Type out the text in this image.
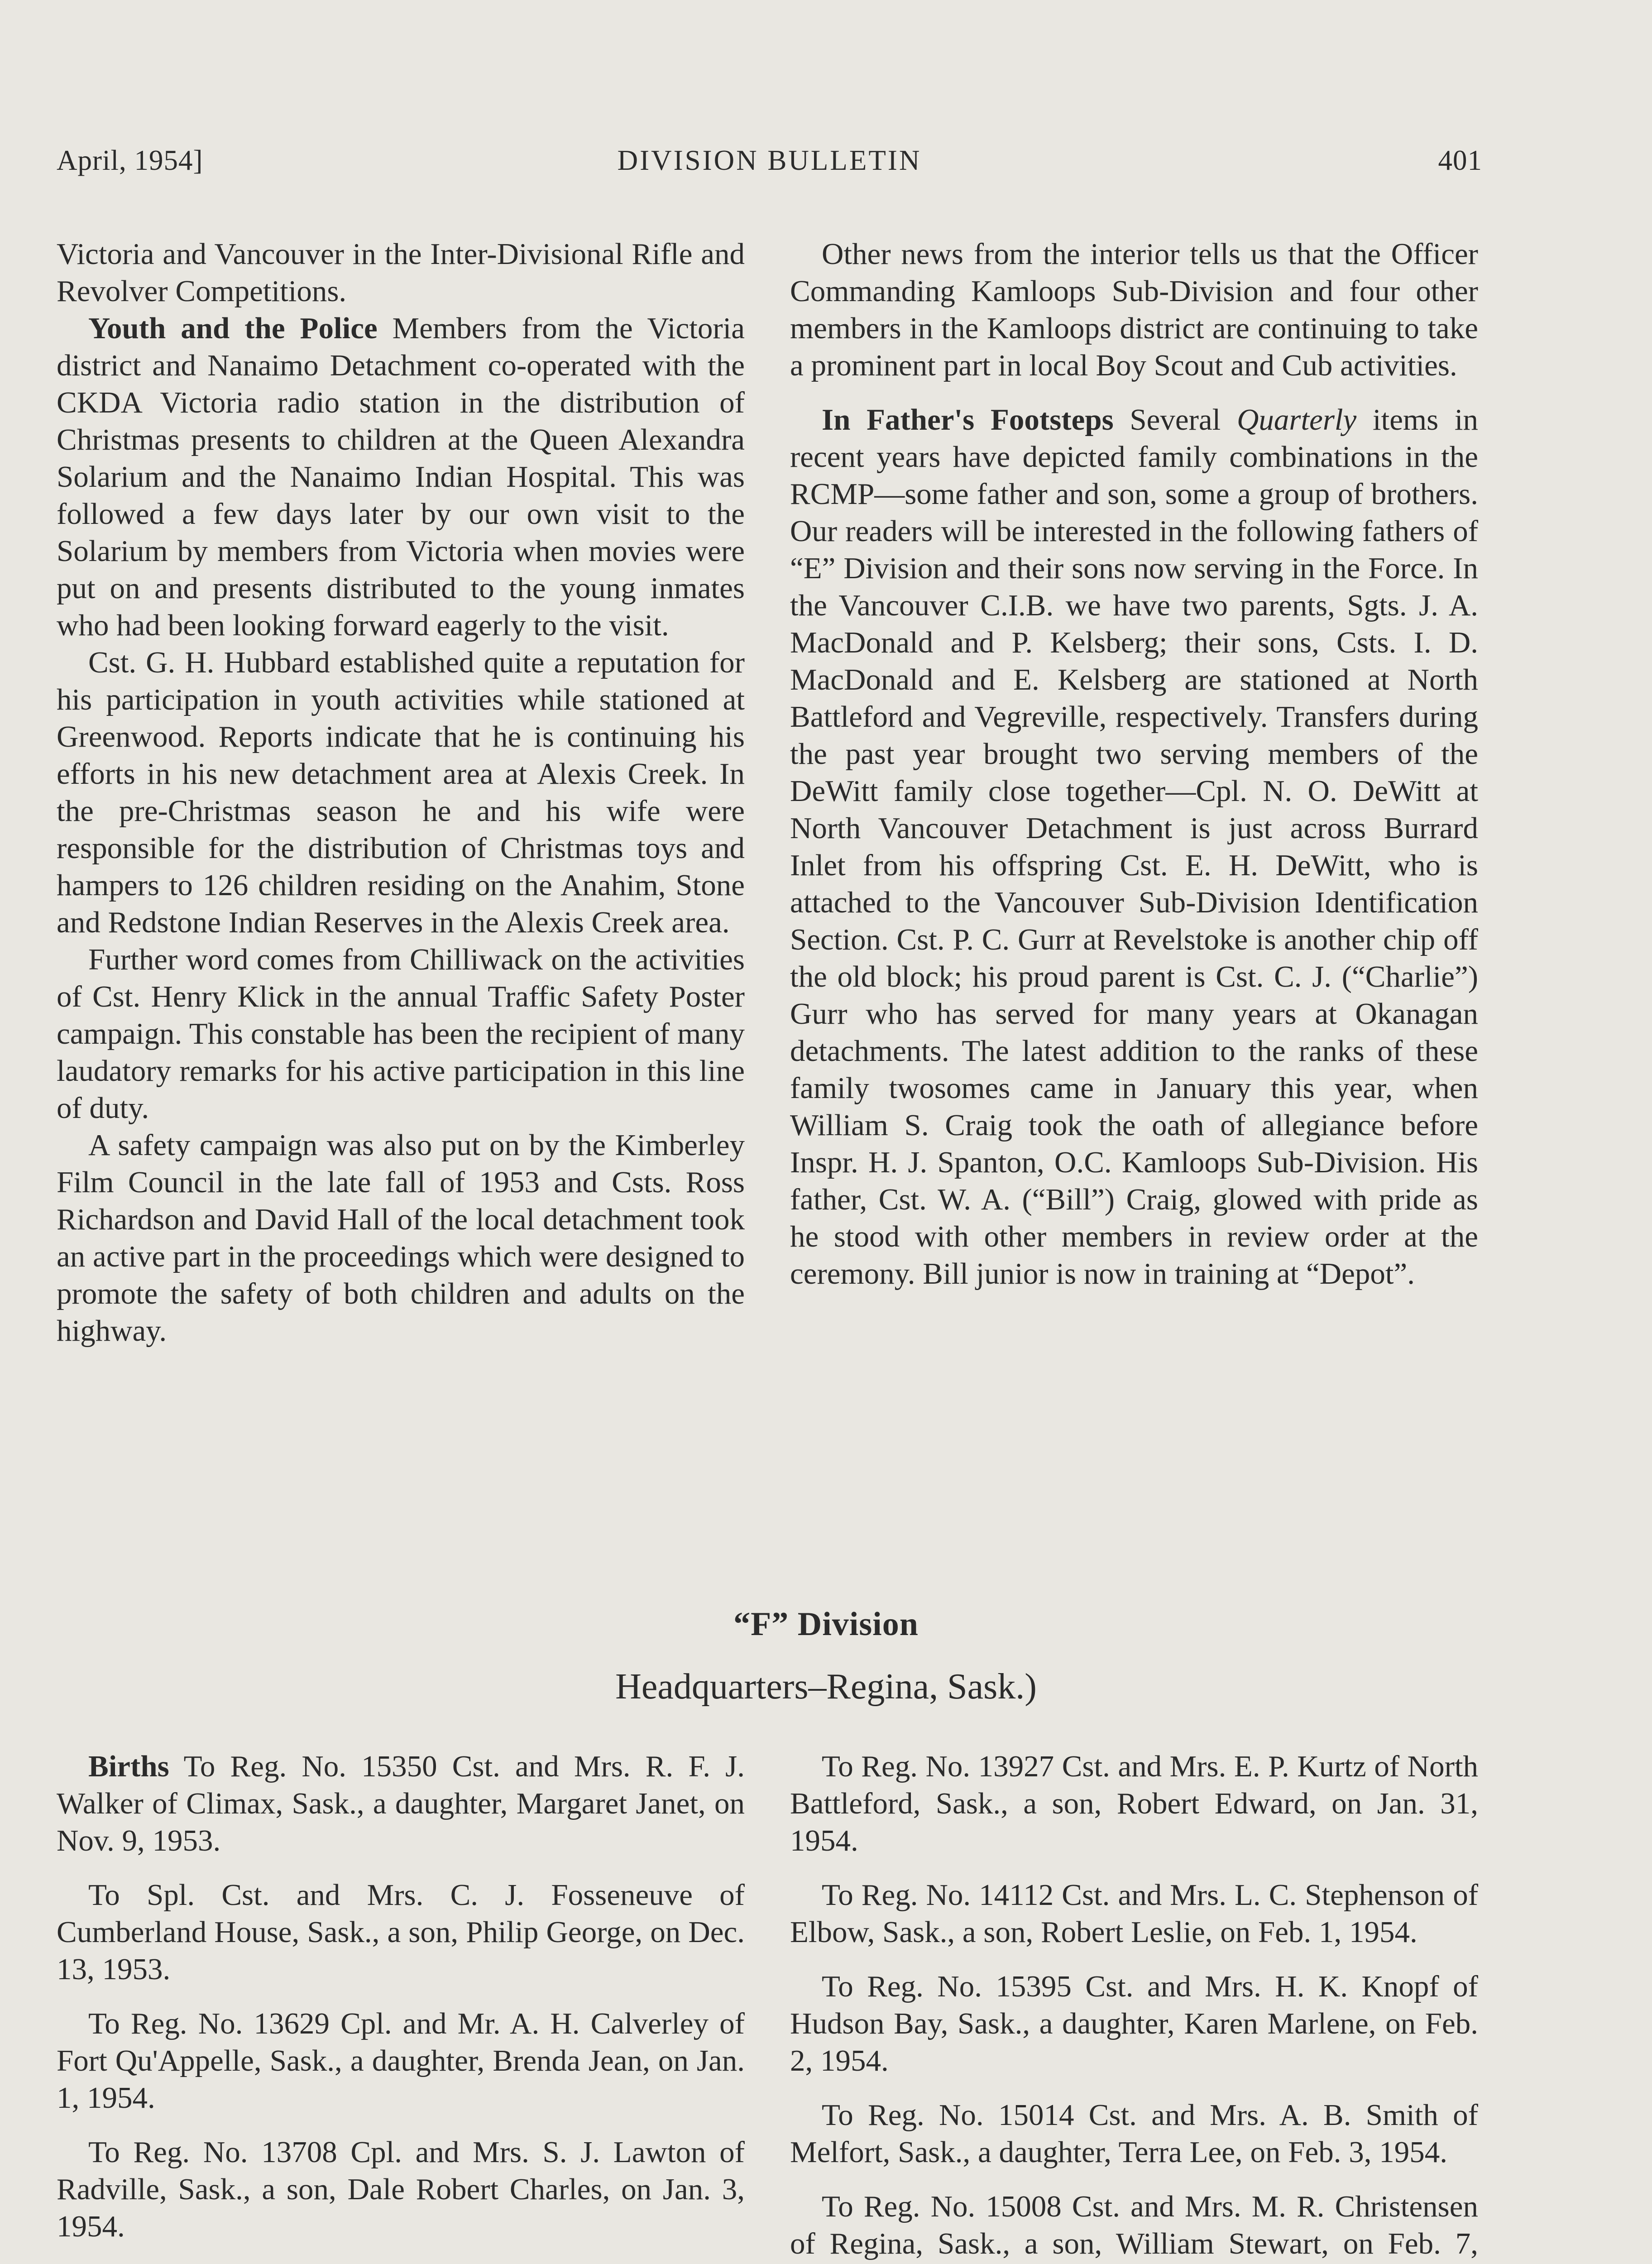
April, 1954]	DIVISION BULLETIN	401

Victoria and Vancouver in the Inter-Divisional Rifle and Revolver Competitions.

Youth and the Police Members from the Victoria district and Nanaimo Detachment co-operated with the CKDA Victoria radio station in the distribution of Christmas presents to children at the Queen Alexandra Solarium and the Nanaimo Indian Hospital. This was followed a few days later by our own visit to the Solarium by members from Victoria when movies were put on and presents distributed to the young inmates who had been looking forward eagerly to the visit.

Cst. G. H. Hubbard established quite a reputation for his participation in youth activities while stationed at Greenwood. Reports indicate that he is continuing his efforts in his new detachment area at Alexis Creek. In the pre-Christmas season he and his wife were responsible for the distribution of Christmas toys and hampers to 126 children residing on the Anahim, Stone and Redstone Indian Reserves in the Alexis Creek area.

Further word comes from Chilliwack on the activities of Cst. Henry Klick in the annual Traffic Safety Poster campaign. This constable has been the recipient of many laudatory remarks for his active participation in this line of duty.

A safety campaign was also put on by the Kimberley Film Council in the late fall of 1953 and Csts. Ross Richardson and David Hall of the local detachment took an active part in the proceedings which were designed to promote the safety of both children and adults on the highway.

Other news from the interior tells us that the Officer Commanding Kamloops Sub-Division and four other members in the Kamloops district are continuing to take a prominent part in local Boy Scout and Cub activities.

In Father's Footsteps Several Quarterly items in recent years have depicted family combinations in the RCMP—some father and son, some a group of brothers. Our readers will be interested in the following fathers of “E” Division and their sons now serving in the Force. In the Vancouver C.I.B. we have two parents, Sgts. J. A. MacDonald and P. Kelsberg; their sons, Csts. I. D. MacDonald and E. Kelsberg are stationed at North Battleford and Vegreville, respectively. Transfers during the past year brought two serving members of the DeWitt family close together—Cpl. N. O. DeWitt at North Vancouver Detachment is just across Burrard Inlet from his offspring Cst. E. H. DeWitt, who is attached to the Vancouver Sub-Division Identification Section. Cst. P. C. Gurr at Revelstoke is another chip off the old block; his proud parent is Cst. C. J. (“Charlie”) Gurr who has served for many years at Okanagan detachments. The latest addition to the ranks of these family twosomes came in January this year, when William S. Craig took the oath of allegiance before Inspr. H. J. Spanton, O.C. Kamloops Sub-Division. His father, Cst. W. A. (“Bill”) Craig, glowed with pride as he stood with other members in review order at the ceremony. Bill junior is now in training at “Depot”.

“F” Division
Headquarters–Regina, Sask.)

Births To Reg. No. 15350 Cst. and Mrs. R. F. J. Walker of Climax, Sask., a daughter, Margaret Janet, on Nov. 9, 1953.

To Spl. Cst. and Mrs. C. J. Fosseneuve of Cumberland House, Sask., a son, Philip George, on Dec. 13, 1953.

To Reg. No. 13629 Cpl. and Mr. A. H. Calverley of Fort Qu'Appelle, Sask., a daughter, Brenda Jean, on Jan. 1, 1954.

To Reg. No. 13708 Cpl. and Mrs. S. J. Lawton of Radville, Sask., a son, Dale Robert Charles, on Jan. 3, 1954.

To Reg. No. 13927 Cst. and Mrs. E. P. Kurtz of North Battleford, Sask., a son, Robert Edward, on Jan. 31, 1954.

To Reg. No. 14112 Cst. and Mrs. L. C. Stephenson of Elbow, Sask., a son, Robert Leslie, on Feb. 1, 1954.

To Reg. No. 15395 Cst. and Mrs. H. K. Knopf of Hudson Bay, Sask., a daughter, Karen Marlene, on Feb. 2, 1954.

To Reg. No. 15014 Cst. and Mrs. A. B. Smith of Melfort, Sask., a daughter, Terra Lee, on Feb. 3, 1954.

To Reg. No. 15008 Cst. and Mrs. M. R. Christensen of Regina, Sask., a son, William Stewart, on Feb. 7,
